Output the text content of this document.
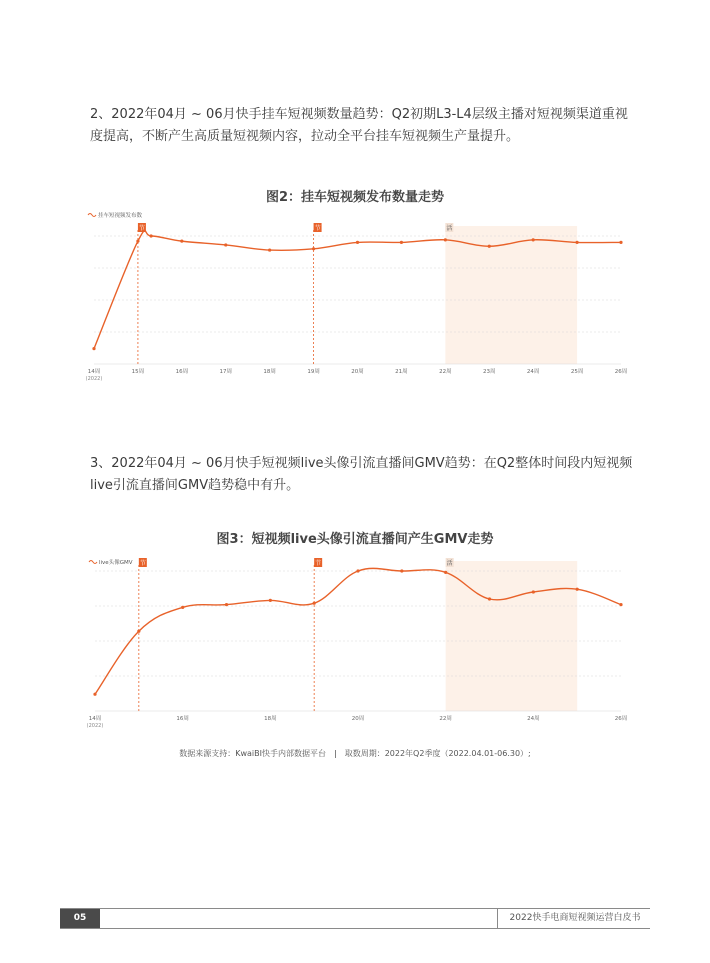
2、2022年04月 ~ 06月快手挂车短视频数量趋势：Q2初期L3-L4层级主播对短视频渠道重视

度提高，不断产生高质量短视频内容，拉动全平台挂车短视频生产量提升。

图2：挂车短视频发布数量走势

3、2022年04月 ~ 06月快手短视频live头像引流直播间GMV趋势：在Q2整体时间段内短视频

live引流直播间GMV趋势稳中有升。

图3：短视频live头像引流直播间产生GMV走势

节	节	活
挂车短视频发布数
14周	15周	16周	17周	18周	19周	20周	21周	22周	23周	24周	25周	26周
(2022)
节	节	活
live头像GMV
14周	16周	18周	20周	22周	24周	26周
(2022)
数据来源支持：KwaiBI快手内部数据平台 | 取数周期：2022年Q2季度（2022.04.01-06.30）;
05	2022快手电商短视频运营白皮书
